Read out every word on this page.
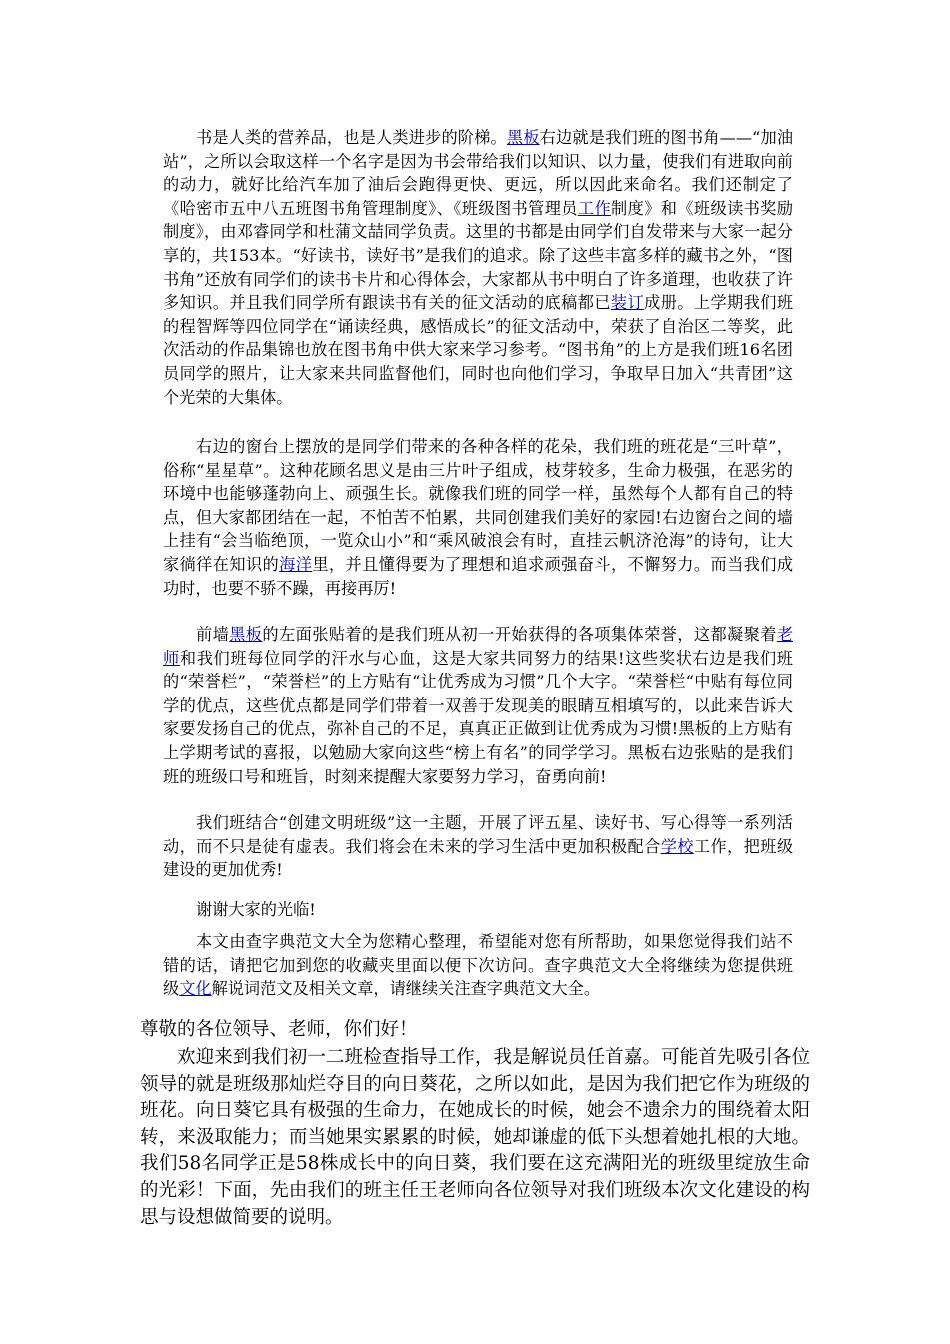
书是人类的营养品，也是人类进步的阶梯。黑板右边就是我们班的图书角——“加油站”，之所以会取这样一个名字是因为书会带给我们以知识、以力量，使我们有进取向前的动力，就好比给汽车加了油后会跑得更快、更远，所以因此来命名。我们还制定了《哈密市五中八五班图书角管理制度》、《班级图书管理员工作制度》和《班级读书奖励制度》，由邓睿同学和杜蒲文喆同学负责。这里的书都是由同学们自发带来与大家一起分享的，共153本。“好读书，读好书”是我们的追求。除了这些丰富多样的藏书之外，“图书角”还放有同学们的读书卡片和心得体会，大家都从书中明白了许多道理，也收获了许多知识。并且我们同学所有跟读书有关的征文活动的底稿都已装订成册。上学期我们班的程智辉等四位同学在“诵读经典，感悟成长”的征文活动中，荣获了自治区二等奖，此次活动的作品集锦也放在图书角中供大家来学习参考。“图书角”的上方是我们班16名团员同学的照片，让大家来共同监督他们，同时也向他们学习，争取早日加入“共青团”这个光荣的大集体。

右边的窗台上摆放的是同学们带来的各种各样的花朵，我们班的班花是“三叶草”，俗称“星星草”。这种花顾名思义是由三片叶子组成，枝芽较多，生命力极强，在恶劣的环境中也能够蓬勃向上、顽强生长。就像我们班的同学一样，虽然每个人都有自己的特点，但大家都团结在一起，不怕苦不怕累，共同创建我们美好的家园!右边窗台之间的墙上挂有“会当临绝顶，一览众山小”和“乘风破浪会有时，直挂云帆济沧海”的诗句，让大家徜徉在知识的海洋里，并且懂得要为了理想和追求顽强奋斗，不懈努力。而当我们成功时，也要不骄不躁，再接再厉!

前墙黑板的左面张贴着的是我们班从初一开始获得的各项集体荣誉，这都凝聚着老师和我们班每位同学的汗水与心血，这是大家共同努力的结果!这些奖状右边是我们班的“荣誉栏”，“荣誉栏”的上方贴有“让优秀成为习惯”几个大字。“荣誉栏“中贴有每位同学的优点，这些优点都是同学们带着一双善于发现美的眼睛互相填写的，以此来告诉大家要发扬自己的优点，弥补自己的不足，真真正正做到让优秀成为习惯!黑板的上方贴有上学期考试的喜报，以勉励大家向这些“榜上有名”的同学学习。黑板右边张贴的是我们班的班级口号和班旨，时刻来提醒大家要努力学习，奋勇向前!

我们班结合“创建文明班级”这一主题，开展了评五星、读好书、写心得等一系列活动，而不只是徒有虚表。我们将会在未来的学习生活中更加积极配合学校工作，把班级建设的更加优秀!

谢谢大家的光临!

本文由查字典范文大全为您精心整理，希望能对您有所帮助，如果您觉得我们站不错的话，请把它加到您的收藏夹里面以便下次访问。查字典范文大全将继续为您提供班级文化解说词范文及相关文章，请继续关注查字典范文大全。

尊敬的各位领导、老师，你们好！

欢迎来到我们初一二班检查指导工作，我是解说员任首嘉。可能首先吸引各位领导的就是班级那灿烂夺目的向日葵花，之所以如此，是因为我们把它作为班级的班花。向日葵它具有极强的生命力，在她成长的时候，她会不遗余力的围绕着太阳转，来汲取能力；而当她果实累累的时候，她却谦虚的低下头想着她扎根的大地。我们58名同学正是58株成长中的向日葵，我们要在这充满阳光的班级里绽放生命的光彩！下面，先由我们的班主任王老师向各位领导对我们班级本次文化建设的构思与设想做简要的说明。
